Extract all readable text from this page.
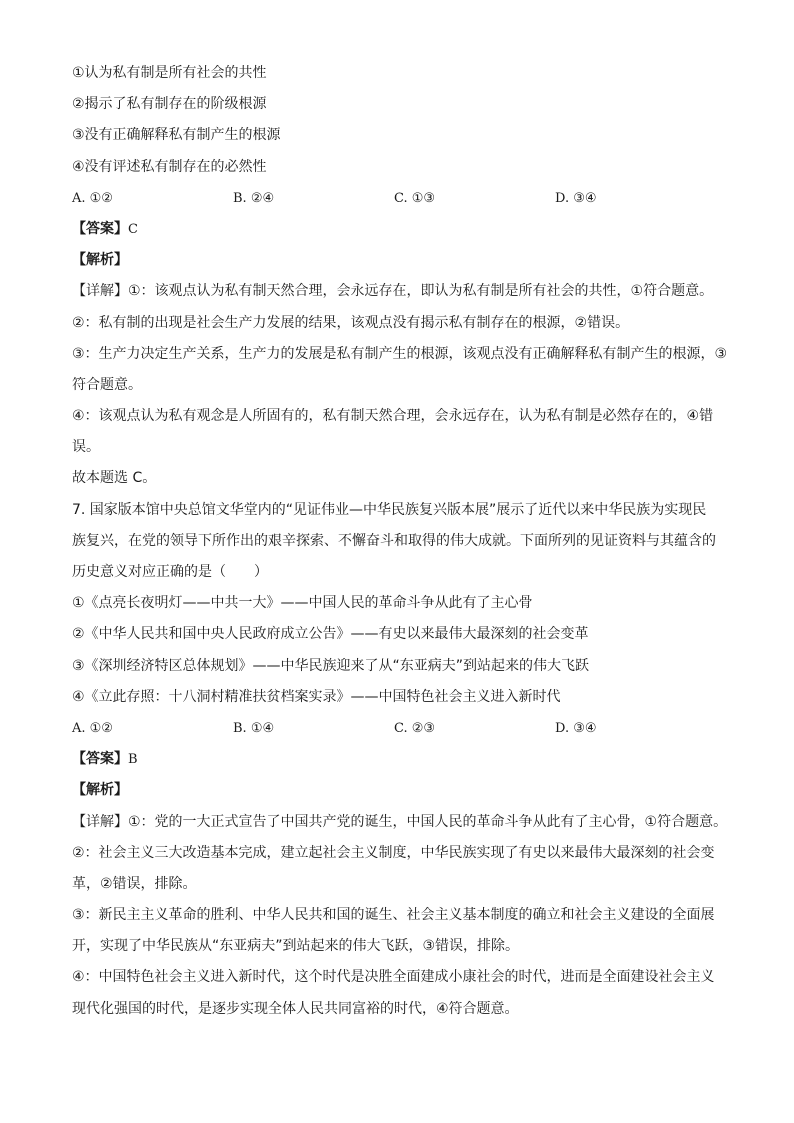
①认为私有制是所有社会的共性
②揭示了私有制存在的阶级根源
③没有正确解释私有制产生的根源
④没有评述私有制存在的必然性
A. ①②	B. ②④	C. ①③	D. ③④
【答案】C
【解析】
【详解】①：该观点认为私有制天然合理，会永远存在，即认为私有制是所有社会的共性，①符合题意。
②：私有制的出现是社会生产力发展的结果，该观点没有揭示私有制存在的根源，②错误。
③：生产力决定生产关系，生产力的发展是私有制产生的根源，该观点没有正确解释私有制产生的根源，③
符合题意。
④：该观点认为私有观念是人所固有的，私有制天然合理，会永远存在，认为私有制是必然存在的，④错
误。
故本题选 C。
7. 国家版本馆中央总馆文华堂内的“见证伟业—中华民族复兴版本展”展示了近代以来中华民族为实现民
族复兴，在党的领导下所作出的艰辛探索、不懈奋斗和取得的伟大成就。下面所列的见证资料与其蕴含的
历史意义对应正确的是（　　）
①《点亮长夜明灯——中共一大》——中国人民的革命斗争从此有了主心骨
②《中华人民共和国中央人民政府成立公告》——有史以来最伟大最深刻的社会变革
③《深圳经济特区总体规划》——中华民族迎来了从“东亚病夫”到站起来的伟大飞跃
④《立此存照：十八洞村精准扶贫档案实录》——中国特色社会主义进入新时代
A. ①②	B. ①④	C. ②③	D. ③④
【答案】B
【解析】
【详解】①：党的一大正式宣告了中国共产党的诞生，中国人民的革命斗争从此有了主心骨，①符合题意。
②：社会主义三大改造基本完成，建立起社会主义制度，中华民族实现了有史以来最伟大最深刻的社会变
革，②错误，排除。
③：新民主主义革命的胜利、中华人民共和国的诞生、社会主义基本制度的确立和社会主义建设的全面展
开，实现了中华民族从“东亚病夫”到站起来的伟大飞跃，③错误，排除。
④：中国特色社会主义进入新时代，这个时代是决胜全面建成小康社会的时代，进而是全面建设社会主义
现代化强国的时代，是逐步实现全体人民共同富裕的时代，④符合题意。
